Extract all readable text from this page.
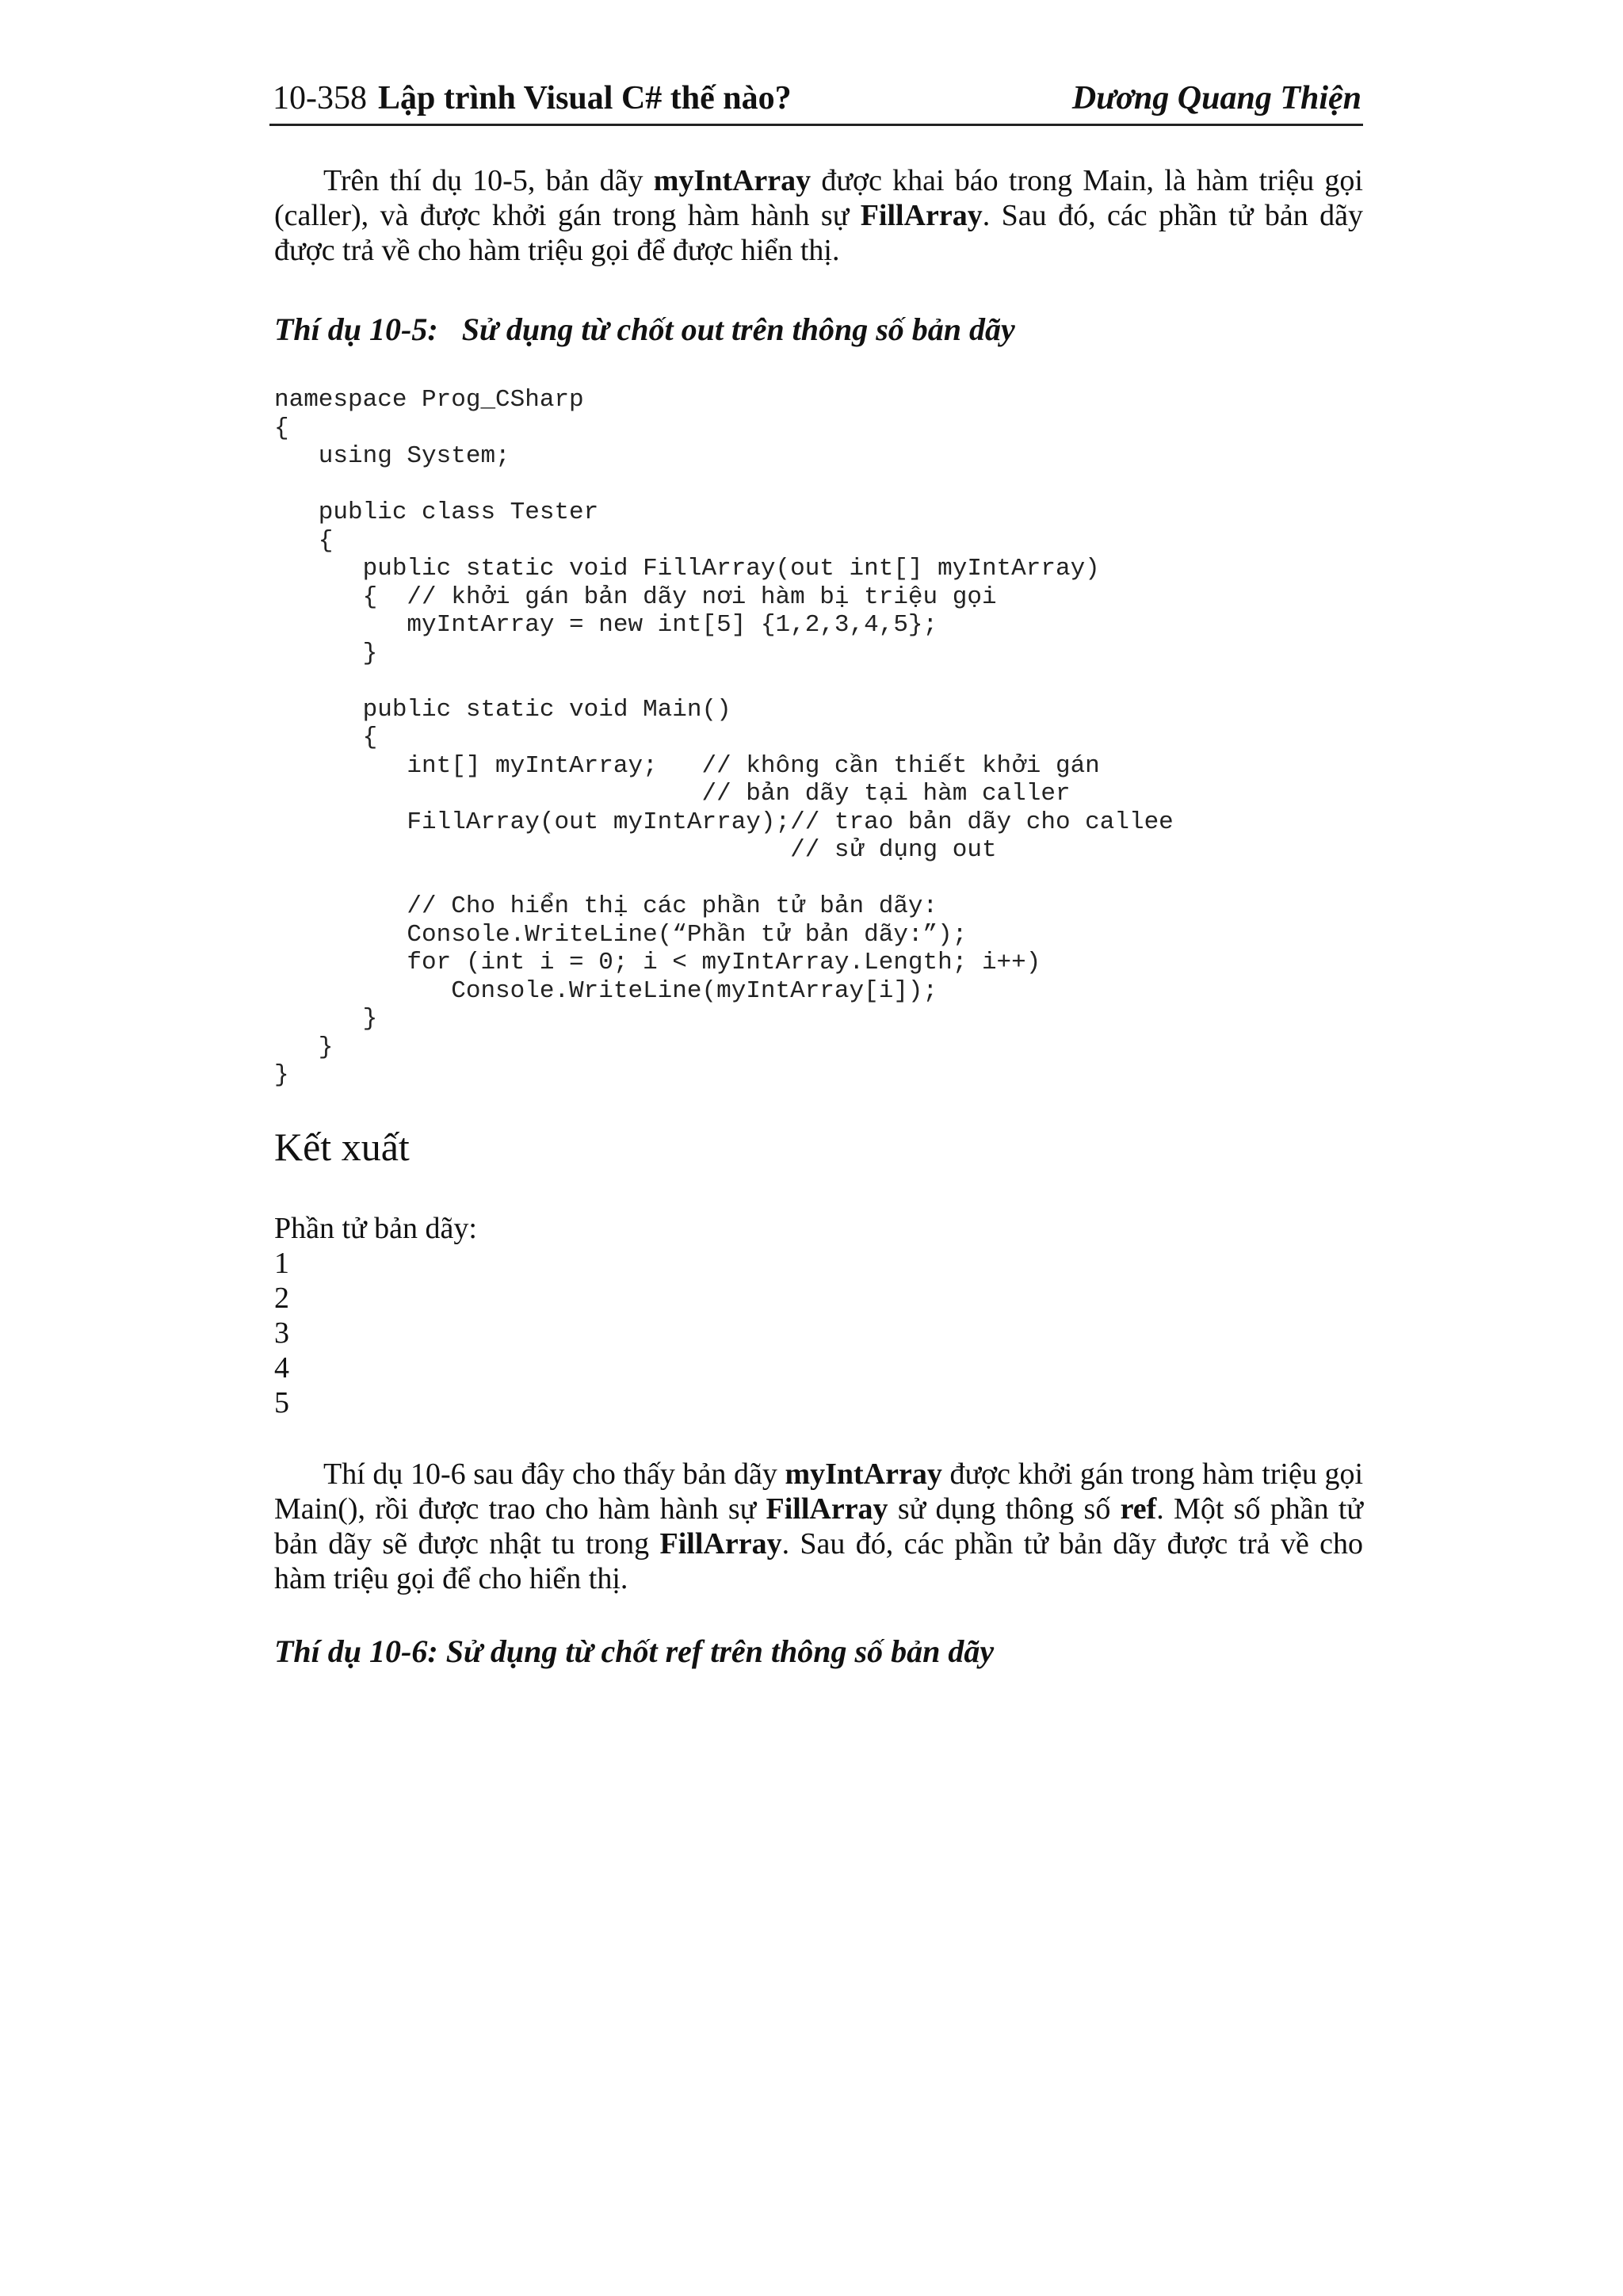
10-358 Lập trình Visual C# thế nào?	Dương Quang Thiện

Trên thí dụ 10-5, bản dãy myIntArray được khai báo trong Main, là hàm triệu gọi (caller), và được khởi gán trong hàm hành sự FillArray. Sau đó, các phần tử bản dãy được trả về cho hàm triệu gọi để được hiển thị.

Thí dụ 10-5: Sử dụng từ chốt out trên thông số bản dãy
namespace Prog_CSharp
{
using System;
public class Tester
{
public static void FillArray(out int[] myIntArray)
{  // khởi gán bản dãy nơi hàm bị triệu gọi
myIntArray = new int[5] {1,2,3,4,5};
}
public static void Main()
{
int[] myIntArray;   // không cần thiết khởi gán
// bản dãy tại hàm caller
FillArray(out myIntArray);// trao bản dãy cho callee
// sử dụng out
// Cho hiển thị các phần tử bản dãy:
Console.WriteLine(“Phần tử bản dãy:”);
for (int i = 0; i < myIntArray.Length; i++)
Console.WriteLine(myIntArray[i]);
}
}
}
Kết xuất
Phần tử bản dãy:
1
2
3
4
5

Thí dụ 10-6 sau đây cho thấy bản dãy myIntArray được khởi gán trong hàm triệu gọi Main(), rồi được trao cho hàm hành sự FillArray sử dụng thông số ref. Một số phần tử bản dãy sẽ được nhật tu trong FillArray. Sau đó, các phần tử bản dãy được trả về cho hàm triệu gọi để cho hiển thị.

Thí dụ 10-6: Sử dụng từ chốt ref trên thông số bản dãy
